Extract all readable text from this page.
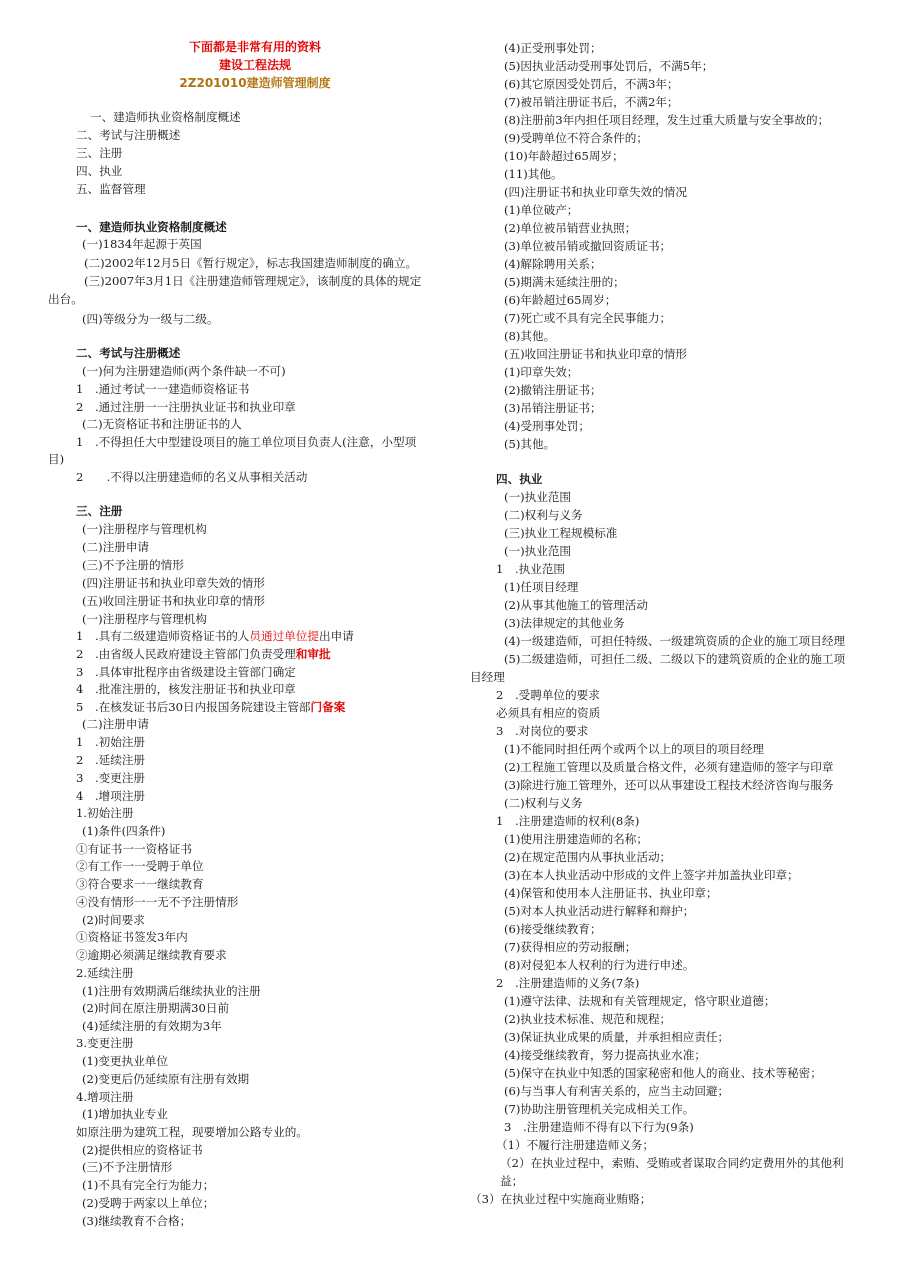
下面都是非常有用的资料
建设工程法规
2Z201010建造师管理制度
一、建造师执业资格制度概述
二、考试与注册概述
三、注册
四、执业
五、监督管理
一、建造师执业资格制度概述
(一)1834年起源于英国
(二)2002年12月5日《暂行规定》，标志我国建造师制度的确立。
(三)2007年3月1日《注册建造师管理规定》，该制度的具体的规定
出台。
(四)等级分为一级与二级。
二、考试与注册概述
(一)何为注册建造师(两个条件缺一不可)
1　.通过考试一一建造师资格证书
2　.通过注册一一注册执业证书和执业印章
(二)无资格证书和注册证书的人
1　.不得担任大中型建设项目的施工单位项目负责人(注意，小型项
目)
2　　.不得以注册建造师的名义从事相关活动
三、注册
(一)注册程序与管理机构
(二)注册申请
(三)不予注册的情形
(四)注册证书和执业印章失效的情形
(五)收回注册证书和执业印章的情形
(一)注册程序与管理机构
1　.具有二级建造师资格证书的人员通过单位提出申请
2　.由省级人民政府建设主管部门负责受理和审批
3　.具体审批程序由省级建设主管部门确定
4　.批准注册的，核发注册证书和执业印章
5　.在核发证书后30日内报国务院建设主管部门备案
(二)注册申请
1　.初始注册
2　.延续注册
3　.变更注册
4　.增项注册
1.初始注册
(1)条件(四条件)
①有证书一一资格证书
②有工作一一受聘于单位
③符合要求一一继续教育
④没有情形一一无不予注册情形
(2)时间要求
①资格证书签发3年内
②逾期必须满足继续教育要求
2.延续注册
(1)注册有效期满后继续执业的注册
(2)时间在原注册期满30日前
(4)延续注册的有效期为3年
3.变更注册
(1)变更执业单位
(2)变更后仍延续原有注册有效期
4.增项注册
(1)增加执业专业
如原注册为建筑工程，现要增加公路专业的。
(2)提供相应的资格证书
(三)不予注册情形
(1)不具有完全行为能力；
(2)受聘于两家以上单位；
(3)继续教育不合格；
(4)正受刑事处罚；
(5)因执业活动受刑事处罚后，不满5年；
(6)其它原因受处罚后，不满3年；
(7)被吊销注册证书后，不满2年；
(8)注册前3年内担任项目经理，发生过重大质量与安全事故的；
(9)受聘单位不符合条件的；
(10)年龄超过65周岁；
(11)其他。
(四)注册证书和执业印章失效的情况
(1)单位破产；
(2)单位被吊销营业执照；
(3)单位被吊销或撤回资质证书；
(4)解除聘用关系；
(5)期满未延续注册的；
(6)年龄超过65周岁；
(7)死亡或不具有完全民事能力；
(8)其他。
(五)收回注册证书和执业印章的情形
(1)印章失效；
(2)撤销注册证书；
(3)吊销注册证书；
(4)受刑事处罚；
(5)其他。
四、执业
(一)执业范围
(二)权利与义务
(三)执业工程规模标准
(一)执业范围
1　.执业范围
(1)任项目经理
(2)从事其他施工的管理活动
(3)法律规定的其他业务
(4)一级建造师，可担任特级、一级建筑资质的企业的施工项目经理
(5)二级建造师，可担任二级、二级以下的建筑资质的企业的施工项
目经理
2　.受聘单位的要求
必须具有相应的资质
3　.对岗位的要求
(1)不能同时担任两个或两个以上的项目的项目经理
(2)工程施工管理以及质量合格文件，必须有建造师的签字与印章
(3)除进行施工管理外，还可以从事建设工程技术经济咨询与服务
(二)权利与义务
1　.注册建造师的权利(8条)
(1)使用注册建造师的名称；
(2)在规定范围内从事执业活动；
(3)在本人执业活动中形成的文件上签字并加盖执业印章；
(4)保管和使用本人注册证书、执业印章；
(5)对本人执业活动进行解释和辩护；
(6)接受继续教育；
(7)获得相应的劳动报酬；
(8)对侵犯本人权利的行为进行申述。
2　.注册建造师的义务(7条)
(1)遵守法律、法规和有关管理规定，恪守职业道德；
(2)执业技术标准、规范和规程；
(3)保证执业成果的质量，并承担相应责任；
(4)接受继续教育，努力提高执业水准；
(5)保守在执业中知悉的国家秘密和他人的商业、技术等秘密；
(6)与当事人有利害关系的，应当主动回避；
(7)协助注册管理机关完成相关工作。
3　.注册建造师不得有以下行为(9条)
（1）不履行注册建造师义务；
（2）在执业过程中，索贿、受贿或者谋取合同约定费用外的其他利
益；
（3）在执业过程中实施商业贿赂；
